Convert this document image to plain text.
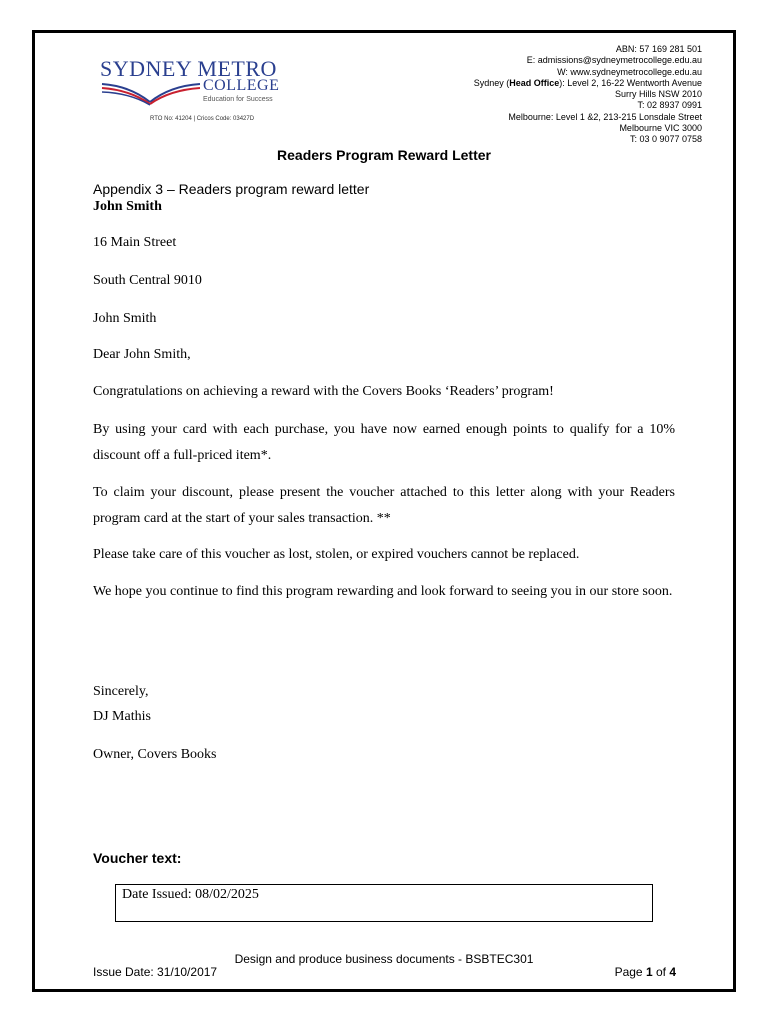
SYDNEY METRO
COLLEGE
Education for Success
RTO No: 41204 | Cricos Code: 03427D
ABN: 57 169 281 501
E: admissions@sydneymetrocollege.edu.au
W: www.sydneymetrocollege.edu.au
Sydney (Head Office): Level 2, 16-22 Wentworth Avenue
Surry Hills NSW 2010
T: 02 8937 0991
Melbourne: Level 1 &2, 213-215 Lonsdale Street
Melbourne VIC 3000
T: 03 0 9077 0758
Readers Program Reward Letter
Appendix 3 – Readers program reward letter
John Smith
16 Main Street
South Central 9010
John Smith
Dear John Smith,
Congratulations on achieving a reward with the Covers Books ‘Readers’ program!
By using your card with each purchase, you have now earned enough points to qualify for a 10% discount off a full-priced item*.
To claim your discount, please present the voucher attached to this letter along with your Readers program card at the start of your sales transaction. **
Please take care of this voucher as lost, stolen, or expired vouchers cannot be replaced.
We hope you continue to find this program rewarding and look forward to seeing you in our store soon.
Sincerely,
DJ Mathis
Owner, Covers Books
Voucher text:
Date Issued: 08/02/2025
Design and produce business documents - BSBTEC301
Issue Date: 31/10/2017	Page 1 of 4
